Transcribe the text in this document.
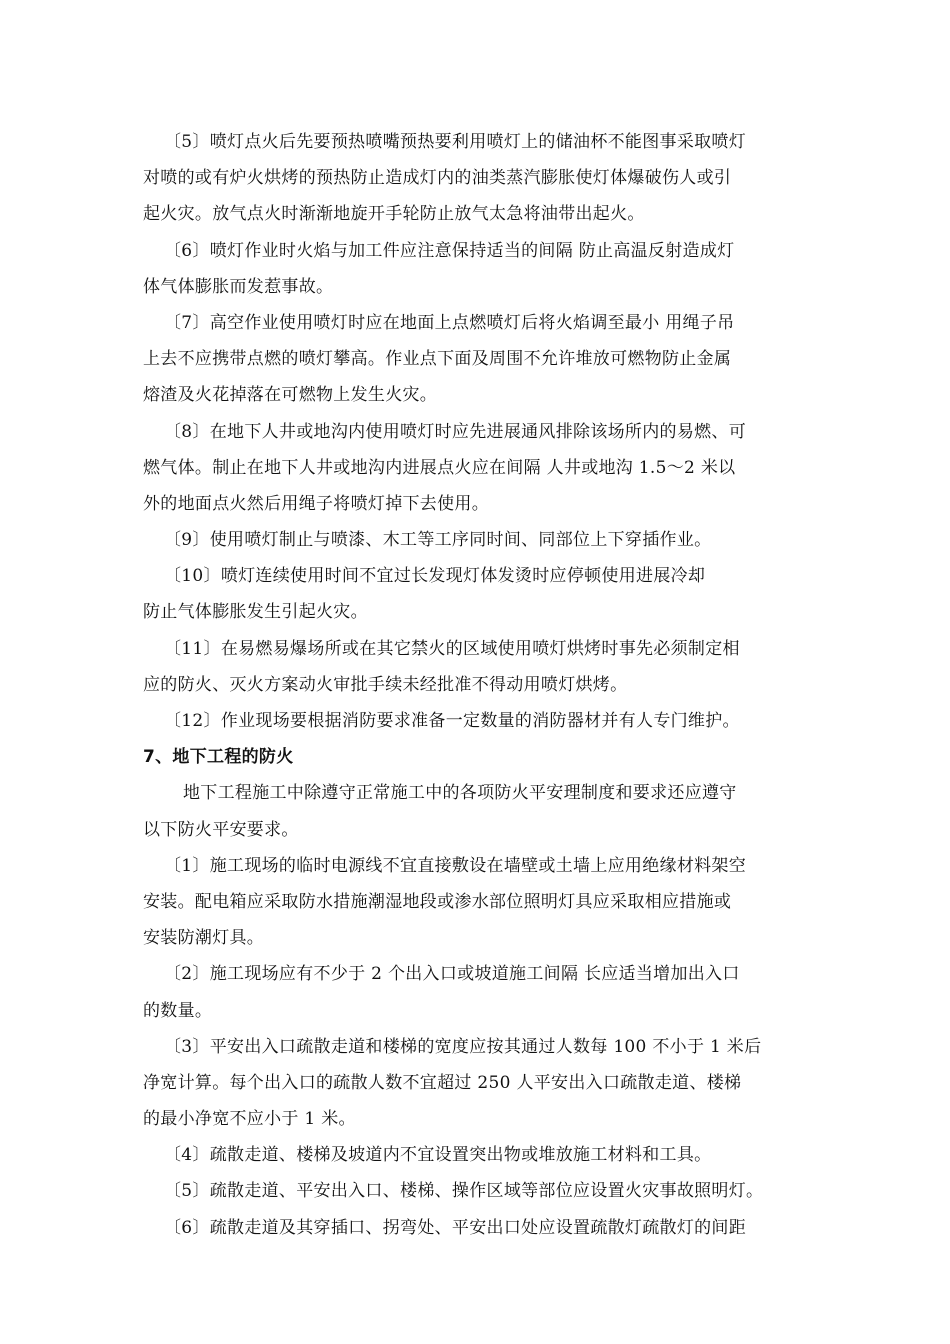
〔5〕喷灯点火后先要预热喷嘴预热要利用喷灯上的储油杯不能图事采取喷灯
对喷的或有炉火烘烤的预热防止造成灯内的油类蒸汽膨胀使灯体爆破伤人或引
起火灾。放气点火时渐渐地旋开手轮防止放气太急将油带出起火。
〔6〕喷灯作业时火焰与加工件应注意保持适当的间隔 防止高温反射造成灯
体气体膨胀而发惹事故。
〔7〕高空作业使用喷灯时应在地面上点燃喷灯后将火焰调至最小 用绳子吊
上去不应携带点燃的喷灯攀高。作业点下面及周围不允许堆放可燃物防止金属
熔渣及火花掉落在可燃物上发生火灾。
〔8〕在地下人井或地沟内使用喷灯时应先进展通风排除该场所内的易燃、可
燃气体。制止在地下人井或地沟内进展点火应在间隔 人井或地沟 1.5～2 米以
外的地面点火然后用绳子将喷灯掉下去使用。
〔9〕使用喷灯制止与喷漆、木工等工序同时间、同部位上下穿插作业。
〔10〕喷灯连续使用时间不宜过长发现灯体发烫时应停顿使用进展冷却
防止气体膨胀发生引起火灾。
〔11〕在易燃易爆场所或在其它禁火的区域使用喷灯烘烤时事先必须制定相
应的防火、灭火方案动火审批手续未经批准不得动用喷灯烘烤。
〔12〕作业现场要根据消防要求准备一定数量的消防器材并有人专门维护。
7、地下工程的防火
地下工程施工中除遵守正常施工中的各项防火平安理制度和要求还应遵守
以下防火平安要求。
〔1〕施工现场的临时电源线不宜直接敷设在墙壁或土墙上应用绝缘材料架空
安装。配电箱应采取防水措施潮湿地段或渗水部位照明灯具应采取相应措施或
安装防潮灯具。
〔2〕施工现场应有不少于 2 个出入口或坡道施工间隔 长应适当增加出入口
的数量。
〔3〕平安出入口疏散走道和楼梯的宽度应按其通过人数每 100 不小于 1 米后
净宽计算。每个出入口的疏散人数不宜超过 250 人平安出入口疏散走道、楼梯
的最小净宽不应小于 1 米。
〔4〕疏散走道、楼梯及坡道内不宜设置突出物或堆放施工材料和工具。
〔5〕疏散走道、平安出入口、楼梯、操作区域等部位应设置火灾事故照明灯。
〔6〕疏散走道及其穿插口、拐弯处、平安出口处应设置疏散灯疏散灯的间距
